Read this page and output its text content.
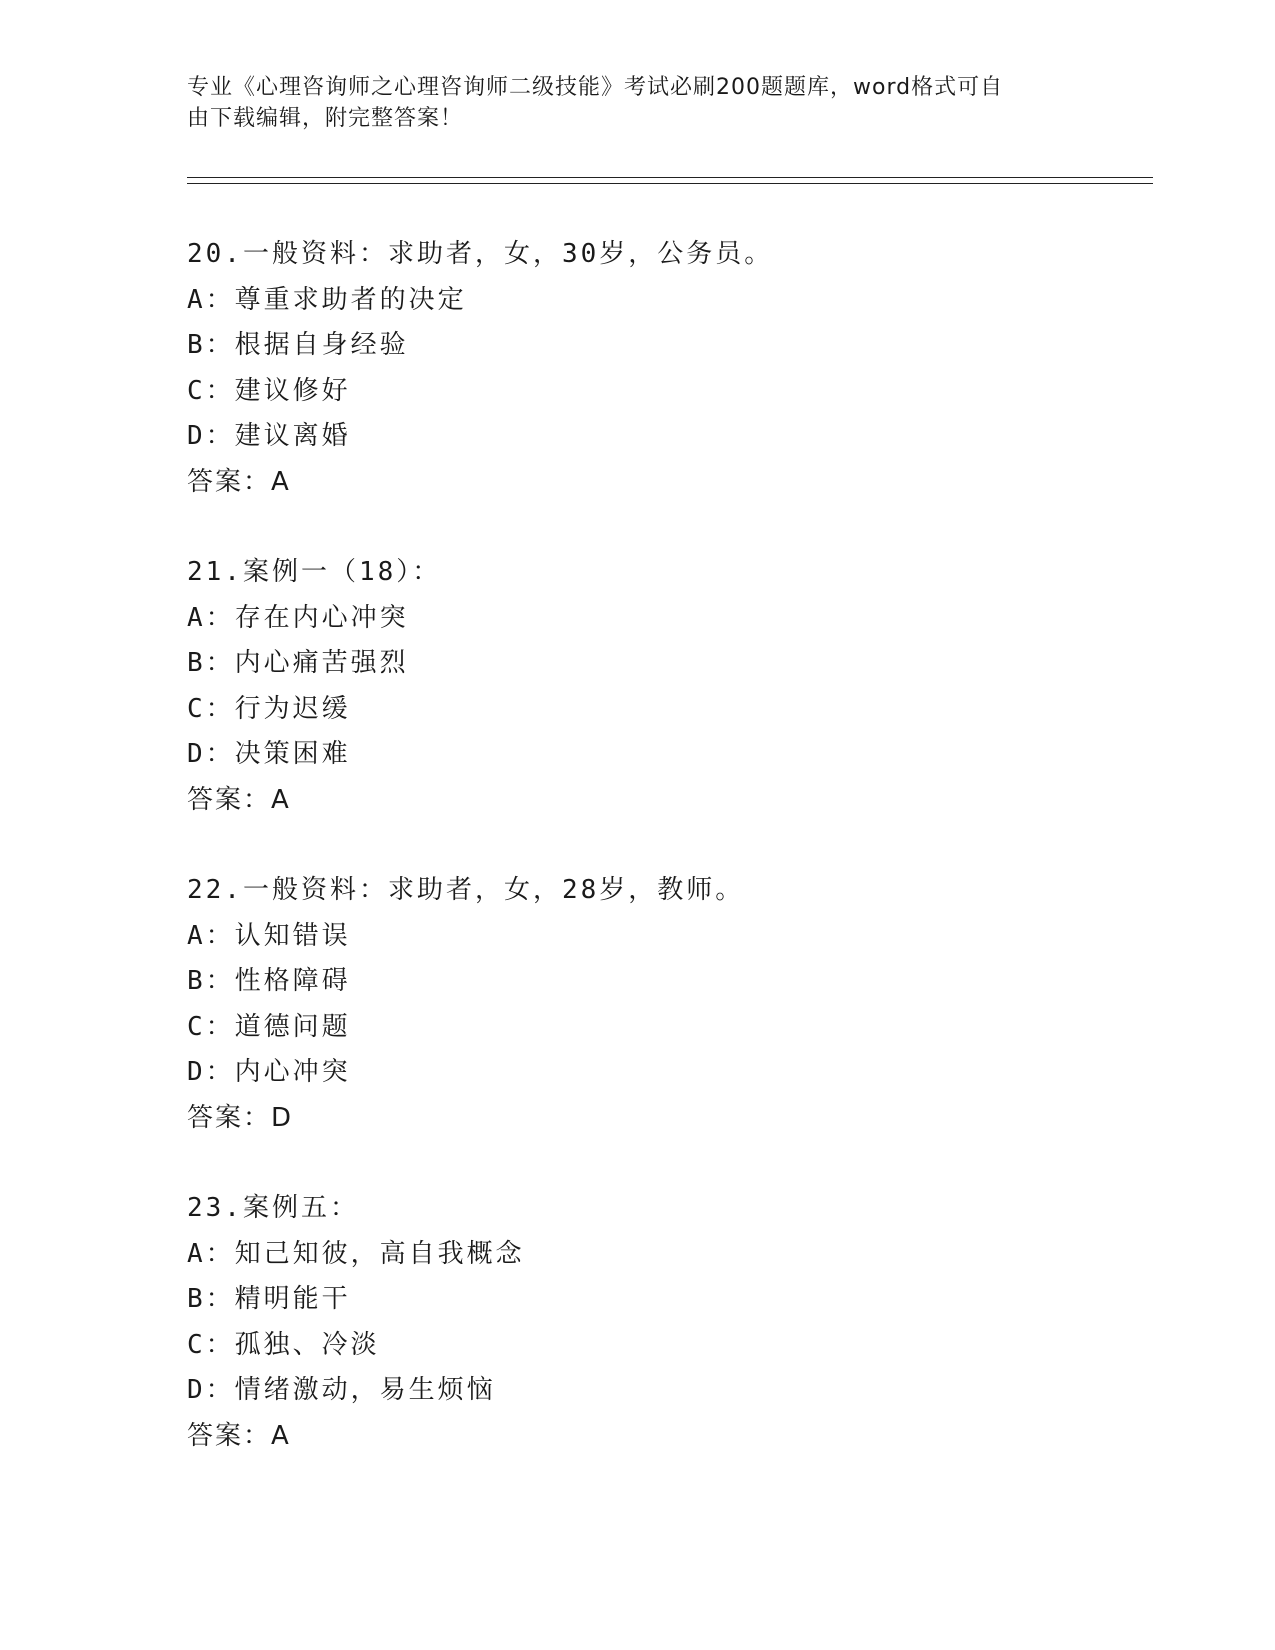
专业《心理咨询师之心理咨询师二级技能》考试必刷200题题库，word格式可自
由下载编辑，附完整答案！
20.一般资料：求助者，女，30岁，公务员。
A：尊重求助者的决定
B：根据自身经验
C：建议修好
D：建议离婚
答案：A
21.案例一（18）：
A：存在内心冲突
B：内心痛苦强烈
C：行为迟缓
D：决策困难
答案：A
22.一般资料：求助者，女，28岁，教师。
A：认知错误
B：性格障碍
C：道德问题
D：内心冲突
答案：D
23.案例五：
A：知己知彼，高自我概念
B：精明能干
C：孤独、冷淡
D：情绪激动，易生烦恼
答案：A
